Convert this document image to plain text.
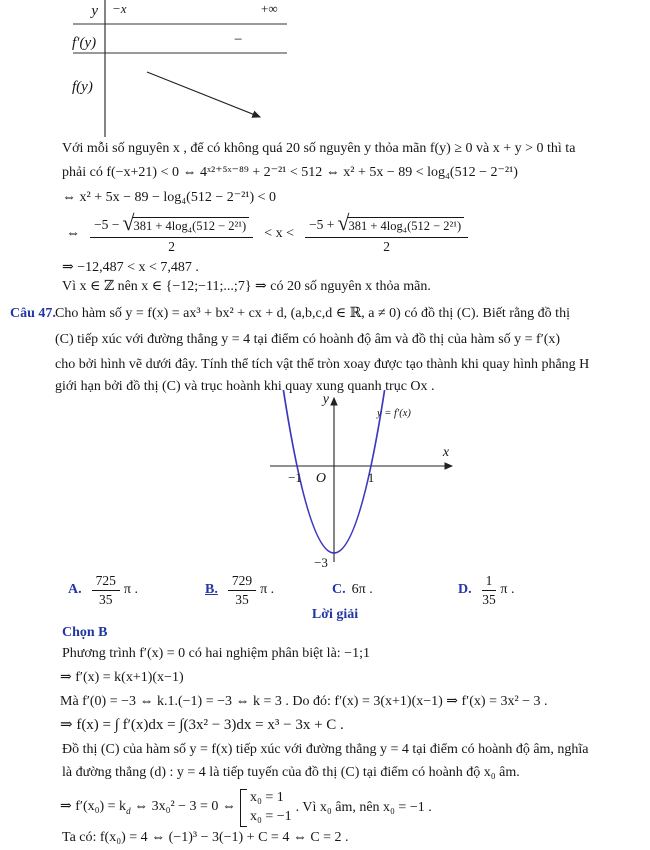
y −x	+∞
f′(y)	−
f(y)
Với mỗi số nguyên x , để có không quá 20 số nguyên y thỏa mãn f(y) ≥ 0 và x + y > 0 thì ta
phải có f(−x+21) < 0 ⇔ 4ˣ²⁺⁵ˣ⁻⁸⁹ + 2⁻²¹ < 512 ⇔ x² + 5x − 89 < log₄(512 − 2⁻²¹)
⇔ x² + 5x − 89 − log₄(512 − 2⁻²¹) < 0
⇔ $\frac{\text{−5 − √ 381 + 4log₄(512 − 2²¹)}}{2} < x < \frac{\text{−5 + √ 381 + 4log₄(512 − 2²¹)}}{2}$
⇒ −12,487 < x < 7,487 .
Vì x ∈ ℤ nên x ∈ {−12;−11;...;7} ⇒ có 20 số nguyên x thỏa mãn.
Câu 47. Cho hàm số y = f(x) = ax³ + bx² + cx + d, (a,b,c,d ∈ ℝ, a ≠ 0) có đồ thị (C). Biết rằng đồ thị
(C) tiếp xúc với đường thẳng y = 4 tại điểm có hoành độ âm và đồ thị của hàm số y = f′(x)
cho bởi hình vẽ dưới đây. Tính thể tích vật thể tròn xoay được tạo thành khi quay hình phẳng H
giới hạn bởi đồ thị (C) và trục hoành khi quay xung quanh trục Ox .
y
x
O
−1	1
−3
y = f′(x)
A. $\frac{725}{35}$ π .	B. $\frac{729}{35}$ π .	C. 6π .	D. $\frac{1}{35}$ π .
Lời giải
Chọn B
Phương trình f′(x) = 0 có hai nghiệm phân biệt là: −1;1
⇒ f′(x) = k(x+1)(x−1)
Mà f′(0) = −3 ⇔ k.1.(−1) = −3 ⇔ k = 3 . Do đó: f′(x) = 3(x+1)(x−1) ⇒ f′(x) = 3x² − 3 .
⇒ f(x) = ∫ f′(x)dx = ∫(3x² − 3)dx = x³ − 3x + C .
Đồ thị (C) của hàm số y = f(x) tiếp xúc với đường thẳng y = 4 tại điểm có hoành độ âm, nghĩa
là đường thẳng (d) : y = 4 là tiếp tuyến của đồ thị (C) tại điểm có hoành độ x₀ âm.
⇒ $f'(x_0) = k_d$ ⇔ 3x₀² − 3 = 0 ⇔
x₀ = 1
x₀ = −1
. Vì x₀ âm, nên x₀ = −1 .
Ta có: f(x₀) = 4 ⇔ (−1)³ − 3(−1) + C = 4 ⇔ C = 2 .
